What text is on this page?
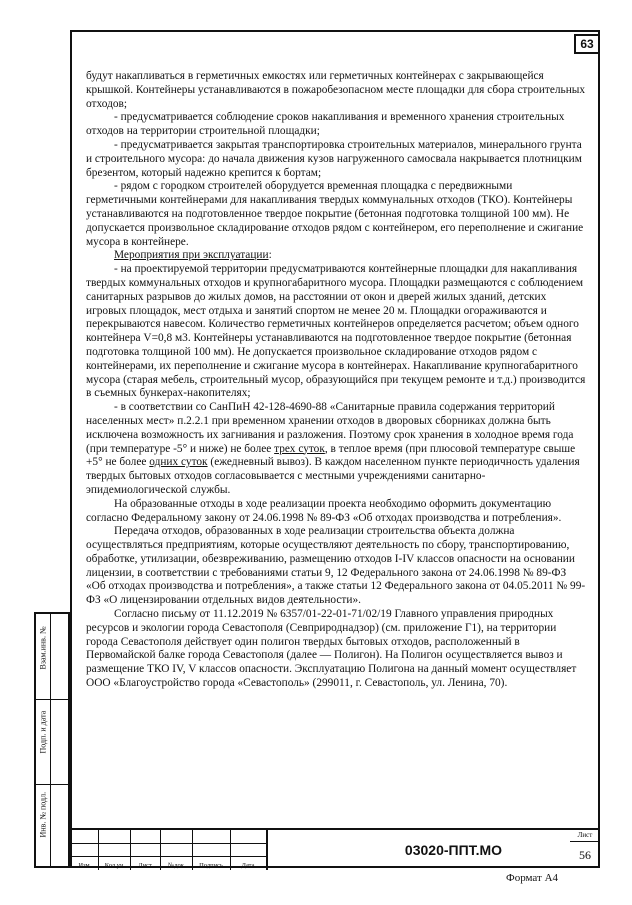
63

будут накапливаться в герметичных емкостях или герметичных контейнерах с закрывающейся крышкой. Контейнеры устанавливаются в пожаробезопасном месте площадки для сбора строительных отходов;

- предусматривается соблюдение сроков накапливания и временного хранения строительных отходов на территории строительной площадки;

- предусматривается закрытая транспортировка строительных материалов, минерального грунта и строительного мусора: до начала движения кузов нагруженного самосвала накрывается плотницким брезентом, который надежно крепится к бортам;

- рядом с городком строителей оборудуется временная площадка с передвижными герметичными контейнерами для накапливания твердых коммунальных отходов (ТКО). Контейнеры устанавливаются на подготовленное твердое покрытие (бетонная подготовка толщиной 100 мм). Не допускается произвольное складирование отходов рядом с контейнером, его переполнение и сжигание мусора в контейнере.

Мероприятия при эксплуатации:

- на проектируемой территории предусматриваются контейнерные площадки для накапливания твердых коммунальных отходов и крупногабаритного мусора. Площадки размещаются с соблюдением санитарных разрывов до жилых домов, на расстоянии от окон и дверей жилых зданий, детских игровых площадок, мест отдыха и занятий спортом не менее 20 м. Площадки огораживаются и перекрываются навесом. Количество герметичных контейнеров определяется расчетом; объем одного контейнера V=0,8 м3. Контейнеры устанавливаются на подготовленное твердое покрытие (бетонная подготовка толщиной 100 мм). Не допускается произвольное складирование отходов рядом с контейнерами, их переполнение и сжигание мусора в контейнерах. Накапливание крупногабаритного мусора (старая мебель, строительный мусор, образующийся при текущем ремонте и т.д.) производится в съемных бункерах-накопителях;

- в соответствии со СанПиН 42-128-4690-88 «Санитарные правила содержания территорий населенных мест» п.2.2.1 при временном хранении отходов в дворовых сборниках должна быть исключена возможность их загнивания и разложения. Поэтому срок хранения в холодное время года (при температуре -5° и ниже) не более трех суток, в теплое время (при плюсовой температуре свыше +5° не более одних суток (ежедневный вывоз). В каждом населенном пункте периодичность удаления твердых бытовых отходов согласовывается с местными учреждениями санитарно-эпидемиологической службы.

На образованные отходы в ходе реализации проекта необходимо оформить документацию согласно Федеральному закону от 24.06.1998 № 89-ФЗ «Об отходах производства и потребления».

Передача отходов, образованных в ходе реализации строительства объекта должна осуществляться предприятиям, которые осуществляют деятельность по сбору, транспортированию, обработке, утилизации, обезвреживанию, размещению отходов I-IV классов опасности на основании лицензии, в соответствии с требованиями статьи 9, 12 Федерального закона от 24.06.1998 № 89-ФЗ «Об отходах производства и потребления», а также статьи 12 Федерального закона от 04.05.2011 № 99-ФЗ «О лицензировании отдельных видов деятельности».

Согласно письму от 11.12.2019 № 6357/01-22-01-71/02/19 Главного управления природных ресурсов и экологии города Севастополя (Севприроднадзор) (см. приложение Г1), на территории города Севастополя действует один полигон твердых бытовых отходов, расположенный в Первомайской балке города Севастополя (далее — Полигон). На Полигон осуществляется вывоз и размещение ТКО IV, V классов опасности. Эксплуатацию Полигона на данный момент осуществляет ООО «Благоустройство города «Севастополь» (299011, г. Севастополь, ул. Ленина, 70).

Взам.инв. №
Подп. и дата
Инв. № подл.
Изм	Кол уч	Лист	№док	Подпись	Дата
03020-ППТ.МО
Лист
56
Формат А4
